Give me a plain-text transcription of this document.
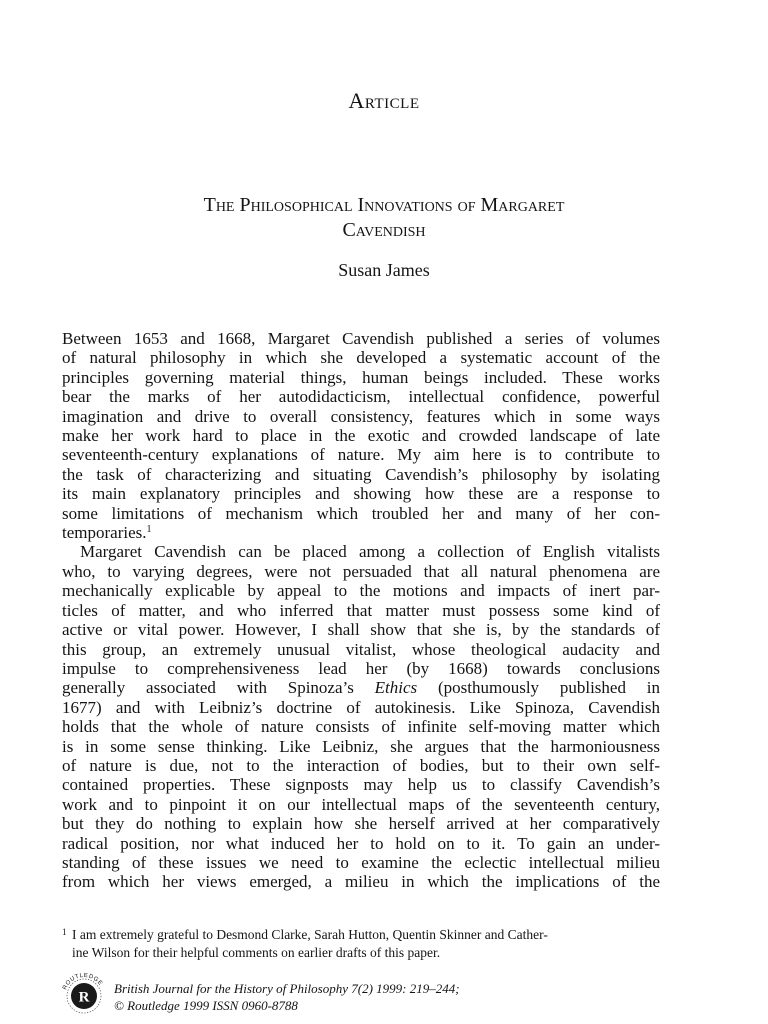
Article
The Philosophical Innovations of Margaret
Cavendish
Susan James
Between 1653 and 1668, Margaret Cavendish published a series of volumes
of natural philosophy in which she developed a systematic account of the
principles governing material things, human beings included. These works
bear the marks of her autodidacticism, intellectual confidence, powerful
imagination and drive to overall consistency, features which in some ways
make her work hard to place in the exotic and crowded landscape of late
seventeenth-century explanations of nature. My aim here is to contribute to
the task of characterizing and situating Cavendish’s philosophy by isolating
its main explanatory principles and showing how these are a response to
some limitations of mechanism which troubled her and many of her con-
temporaries.$^1$
Margaret Cavendish can be placed among a collection of English vitalists
who, to varying degrees, were not persuaded that all natural phenomena are
mechanically explicable by appeal to the motions and impacts of inert par-
ticles of matter, and who inferred that matter must possess some kind of
active or vital power. However, I shall show that she is, by the standards of
this group, an extremely unusual vitalist, whose theological audacity and
impulse to comprehensiveness lead her (by 1668) towards conclusions
generally associated with Spinoza’s Ethics (posthumously published in
1677) and with Leibniz’s doctrine of autokinesis. Like Spinoza, Cavendish
holds that the whole of nature consists of infinite self-moving matter which
is in some sense thinking. Like Leibniz, she argues that the harmoniousness
of nature is due, not to the interaction of bodies, but to their own self-
contained properties. These signposts may help us to classify Cavendish’s
work and to pinpoint it on our intellectual maps of the seventeenth century,
but they do nothing to explain how she herself arrived at her comparatively
radical position, nor what induced her to hold on to it. To gain an under-
standing of these issues we need to examine the eclectic intellectual milieu
from which her views emerged, a milieu in which the implications of the
1 I am extremely grateful to Desmond Clarke, Sarah Hutton, Quentin Skinner and Cather-
ine Wilson for their helpful comments on earlier drafts of this paper.
R
ROUTLEDGE British Journal for the History of Philosophy 7(2) 1999: 219–244;
© Routledge 1999 ISSN 0960-8788
